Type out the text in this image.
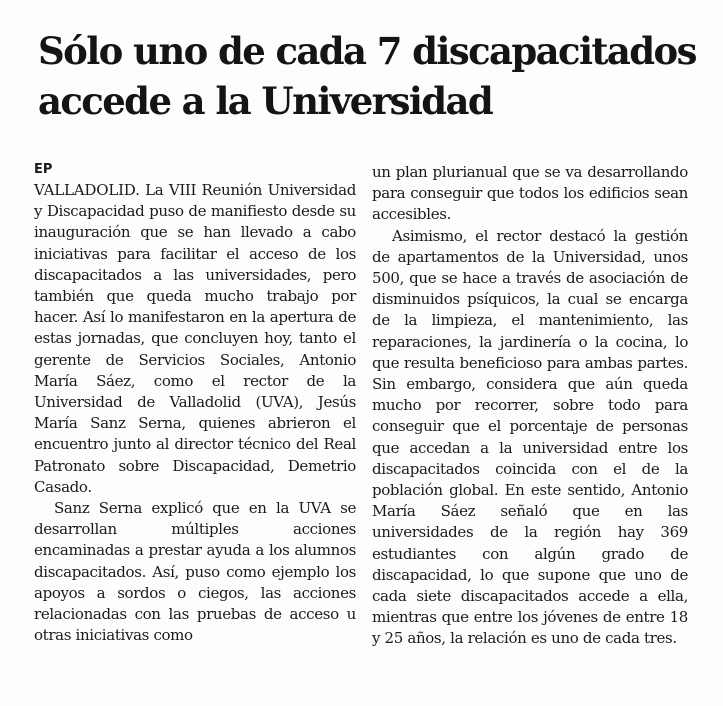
Sólo uno de cada 7 discapacitados accede a la Universidad
EP

VALLADOLID. La VIII Reunión Universidad y Discapacidad puso de manifiesto desde su inauguración que se han llevado a cabo iniciativas para facilitar el acceso de los discapacitados a las universidades, pero también que queda mucho trabajo por hacer. Así lo manifestaron en la apertura de estas jornadas, que concluyen hoy, tanto el gerente de Servicios Sociales, Antonio María Sáez, como el rector de la Universidad de Valladolid (UVA), Jesús María Sanz Serna, quienes abrieron el encuentro junto al director técnico del Real Patronato sobre Discapacidad, Demetrio Casado.

Sanz Serna explicó que en la UVA se desarrollan múltiples acciones encaminadas a prestar ayuda a los alumnos discapacitados. Así, puso como ejemplo los apoyos a sordos o ciegos, las acciones relacionadas con las pruebas de acceso u otras iniciativas como

un plan plurianual que se va desarrollando para conseguir que todos los edificios sean accesibles.

Asimismo, el rector destacó la gestión de apartamentos de la Universidad, unos 500, que se hace a través de asociación de disminuidos psíquicos, la cual se encarga de la limpieza, el mantenimiento, las reparaciones, la jardinería o la cocina, lo que resulta beneficioso para ambas partes. Sin embargo, considera que aún queda mucho por recorrer, sobre todo para conseguir que el porcentaje de personas que accedan a la universidad entre los discapacitados coincida con el de la población global. En este sentido, Antonio María Sáez señaló que en las universidades de la región hay 369 estudiantes con algún grado de discapacidad, lo que supone que uno de cada siete discapacitados accede a ella, mientras que entre los jóvenes de entre 18 y 25 años, la relación es uno de cada tres.
